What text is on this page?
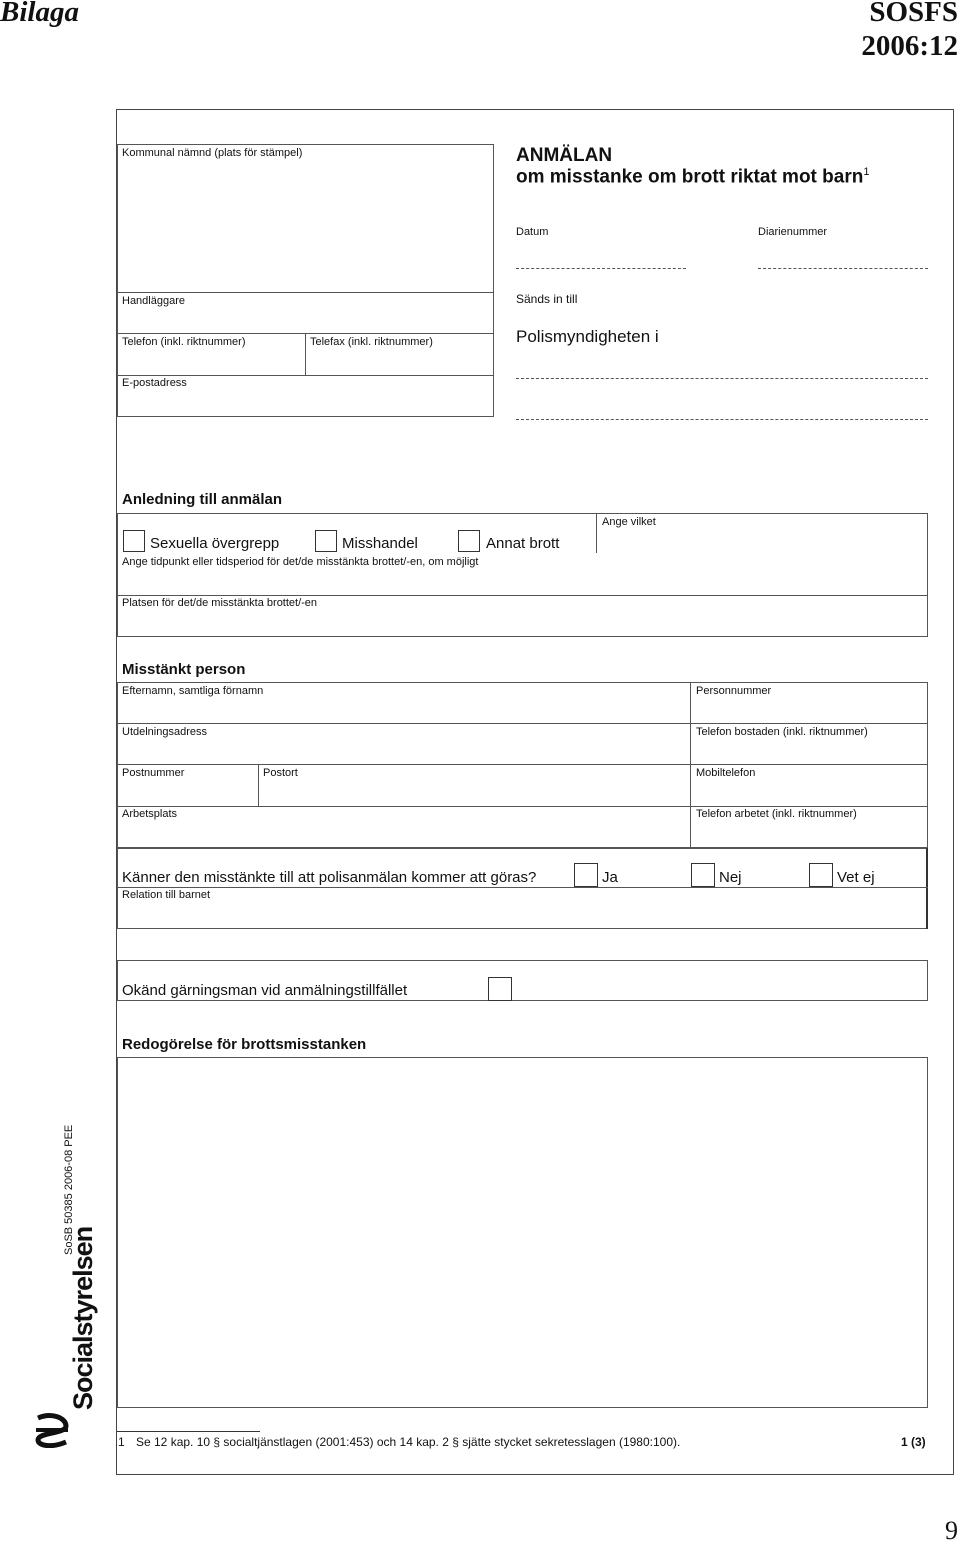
Bilaga	SOSFS
2006:12
Kommunal nämnd (plats för stämpel)
Handläggare
Telefon (inkl. riktnummer)	Telefax (inkl. riktnummer)
E-postadress
ANMÄLAN
om misstanke om brott riktat mot barn$^1$
Datum	Diarienummer
Sänds in till
Polismyndigheten i
Anledning till anmälan
Ange vilket
Sexuella övergrepp	Misshandel	Annat brott
Ange tidpunkt eller tidsperiod för det/de misstänkta brottet/-en, om möjligt
Platsen för det/de misstänkta brottet/-en
Misstänkt person
Efternamn, samtliga förnamn	Personnummer
Utdelningsadress	Telefon bostaden (inkl. riktnummer)
Postnummer	Postort	Mobiltelefon
Arbetsplats	Telefon arbetet (inkl. riktnummer)
Känner den misstänkte till att polisanmälan kommer att göras?	Ja	Nej	Vet ej
Relation till barnet
Okänd gärningsman vid anmälningstillfället
Redogörelse för brottsmisstanken
SoSB 50385 2006-08 PEE
Socialstyrelsen
1 Se 12 kap. 10 § socialtjänstlagen (2001:453) och 14 kap. 2 § sjätte stycket sekretesslagen (1980:100).	1 (3)
9
